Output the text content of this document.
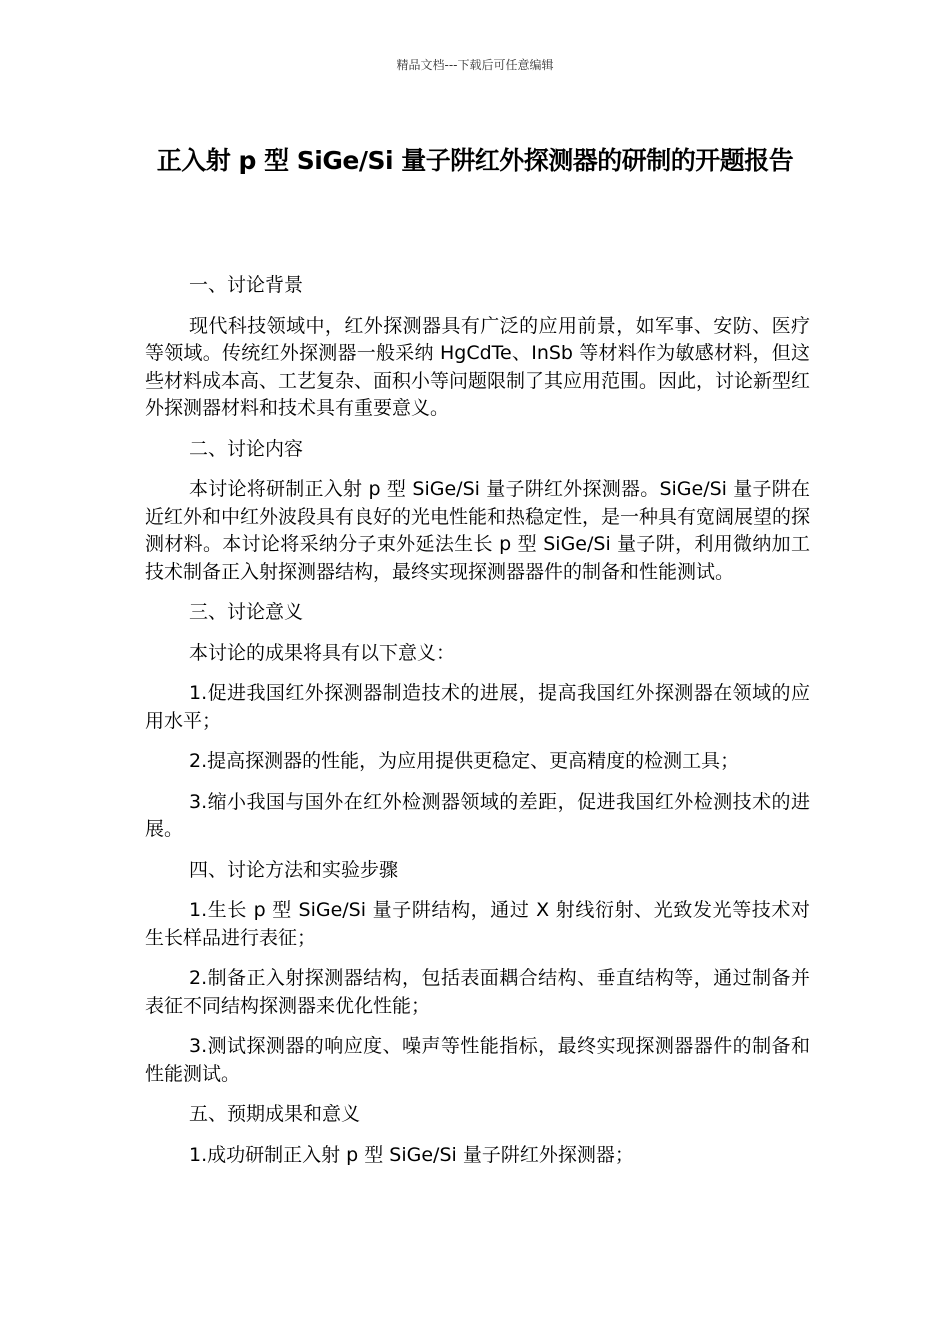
精品文档---下载后可任意编辑
正入射 p 型 SiGe/Si 量子阱红外探测器的研制的开题报告

一、讨论背景

现代科技领域中，红外探测器具有广泛的应用前景，如军事、安防、医疗等领域。传统红外探测器一般采纳 HgCdTe、InSb 等材料作为敏感材料，但这些材料成本高、工艺复杂、面积小等问题限制了其应用范围。因此，讨论新型红外探测器材料和技术具有重要意义。

二、讨论内容

本讨论将研制正入射 p 型 SiGe/Si 量子阱红外探测器。SiGe/Si 量子阱在近红外和中红外波段具有良好的光电性能和热稳定性，是一种具有宽阔展望的探测材料。本讨论将采纳分子束外延法生长 p 型 SiGe/Si 量子阱，利用微纳加工技术制备正入射探测器结构，最终实现探测器器件的制备和性能测试。

三、讨论意义

本讨论的成果将具有以下意义：

1.促进我国红外探测器制造技术的进展，提高我国红外探测器在领域的应用水平；

2.提高探测器的性能，为应用提供更稳定、更高精度的检测工具；

3.缩小我国与国外在红外检测器领域的差距，促进我国红外检测技术的进展。

四、讨论方法和实验步骤

1.生长 p 型 SiGe/Si 量子阱结构，通过 X 射线衍射、光致发光等技术对生长样品进行表征；

2.制备正入射探测器结构，包括表面耦合结构、垂直结构等，通过制备并表征不同结构探测器来优化性能；

3.测试探测器的响应度、噪声等性能指标，最终实现探测器器件的制备和性能测试。

五、预期成果和意义

1.成功研制正入射 p 型 SiGe/Si 量子阱红外探测器；
